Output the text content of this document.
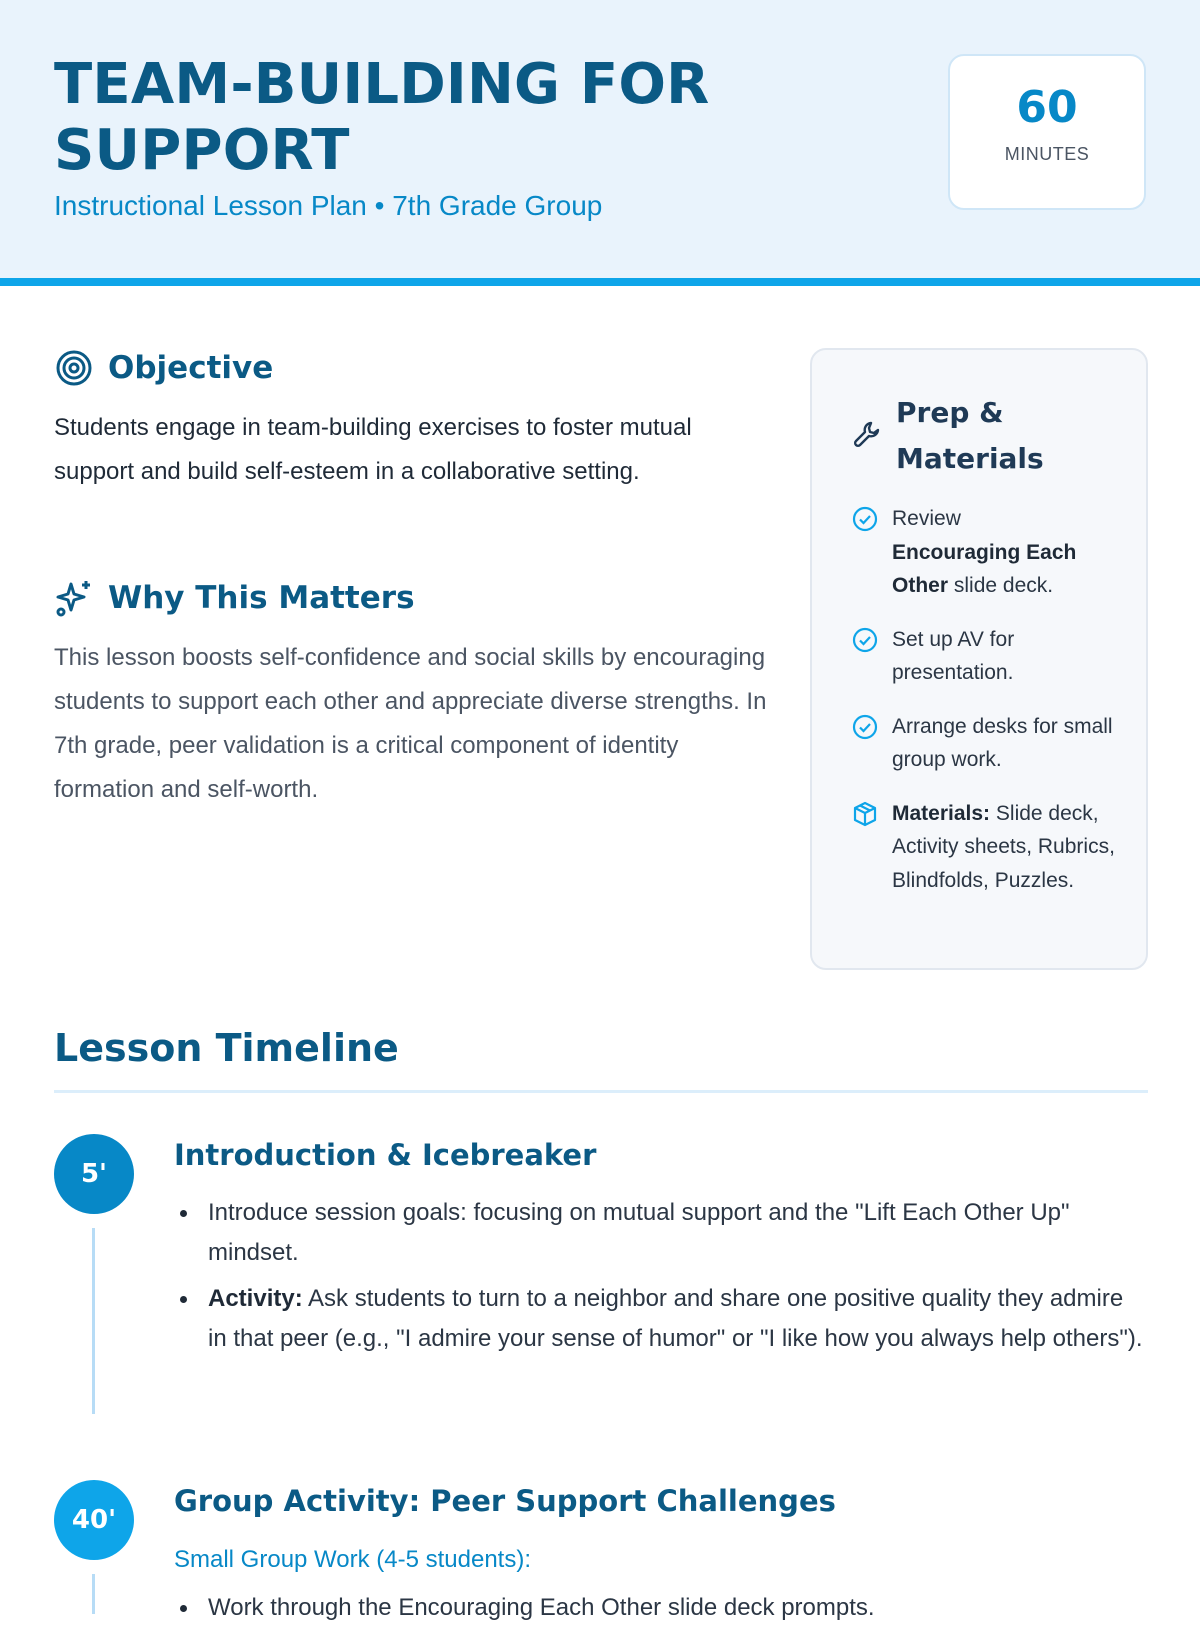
TEAM-BUILDING FOR SUPPORT
Instructional Lesson Plan • 7th Grade Group
60
MINUTES
Objective

Students engage in team-building exercises to foster mutual support and build self-esteem in a collaborative setting.

Why This Matters

This lesson boosts self-confidence and social skills by encouraging students to support each other and appreciate diverse strengths. In 7th grade, peer validation is a critical component of identity formation and self-worth.

Prep & Materials
Review
Encouraging Each Other slide deck.
Set up AV for presentation.
Arrange desks for small group work.
Materials: Slide deck, Activity sheets, Rubrics, Blindfolds, Puzzles.
Lesson Timeline
5'
Introduction & Icebreaker
Introduce session goals: focusing on mutual support and the "Lift Each Other Up" mindset.
Activity: Ask students to turn to a neighbor and share one positive quality they admire in that peer (e.g., "I admire your sense of humor" or "I like how you always help others").
40'
Group Activity: Peer Support Challenges
Small Group Work (4-5 students):
Work through the Encouraging Each Other slide deck prompts.
